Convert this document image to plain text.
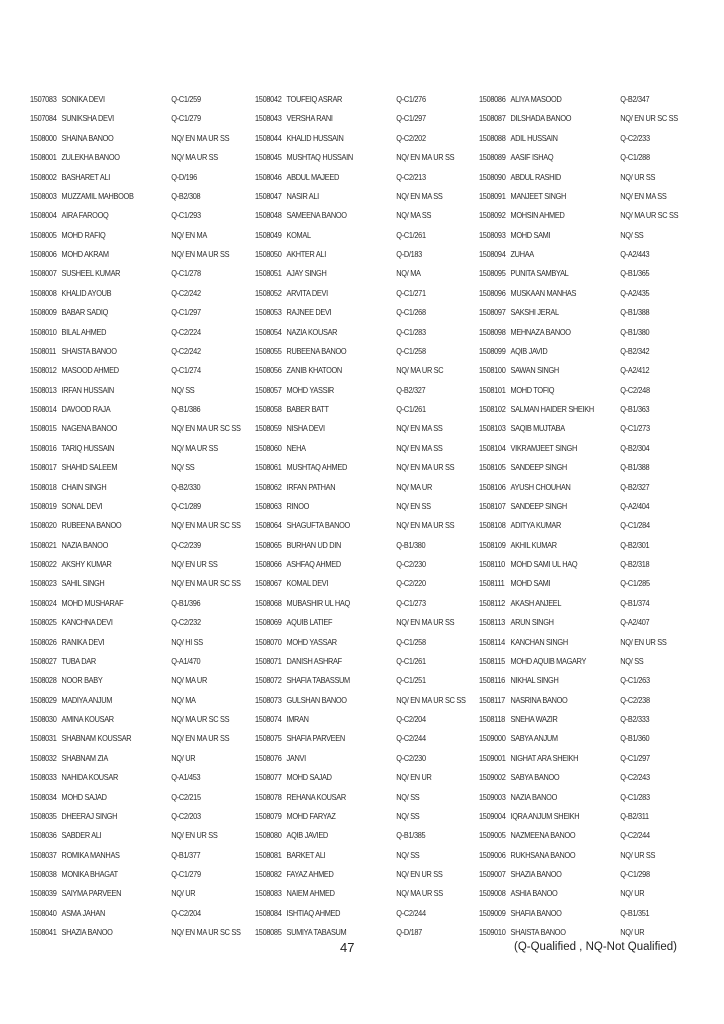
1507083 SONIKA DEVI	Q-C1/259
1507084 SUNIKSHA DEVI	Q-C1/279
1508000 SHAINA BANOO	NQ/ EN MA UR SS
1508001 ZULEKHA BANOO	NQ/ MA UR SS
1508002 BASHARET ALI	Q-D/196
1508003 MUZZAMIL MAHBOOB	Q-B2/308
1508004 AIRA FAROOQ	Q-C1/293
1508005 MOHD RAFIQ	NQ/ EN MA
1508006 MOHD AKRAM	NQ/ EN MA UR SS
1508007 SUSHEEL KUMAR	Q-C1/278
1508008 KHALID AYOUB	Q-C2/242
1508009 BABAR SADIQ	Q-C1/297
1508010 BILAL AHMED	Q-C2/224
1508011 SHAISTA BANOO	Q-C2/242
1508012 MASOOD AHMED	Q-C1/274
1508013 IRFAN HUSSAIN	NQ/ SS
1508014 DAVOOD RAJA	Q-B1/386
1508015 NAGENA BANOO	NQ/ EN MA UR SC SS
1508016 TARIQ HUSSAIN	NQ/ MA UR SS
1508017 SHAHID SALEEM	NQ/ SS
1508018 CHAIN SINGH	Q-B2/330
1508019 SONAL DEVI	Q-C1/289
1508020 RUBEENA BANOO	NQ/ EN MA UR SC SS
1508021 NAZIA BANOO	Q-C2/239
1508022 AKSHY KUMAR	NQ/ EN UR SS
1508023 SAHIL SINGH	NQ/ EN MA UR SC SS
1508024 MOHD MUSHARAF	Q-B1/396
1508025 KANCHNA DEVI	Q-C2/232
1508026 RANIKA DEVI	NQ/ HI SS
1508027 TUBA DAR	Q-A1/470
1508028 NOOR BABY	NQ/ MA UR
1508029 MADIYA ANJUM	NQ/ MA
1508030 AMINA KOUSAR	NQ/ MA UR SC SS
1508031 SHABNAM KOUSSAR	NQ/ EN MA UR SS
1508032 SHABNAM ZIA	NQ/ UR
1508033 NAHIDA KOUSAR	Q-A1/453
1508034 MOHD SAJAD	Q-C2/215
1508035 DHEERAJ SINGH	Q-C2/203
1508036 SABDER ALI	NQ/ EN UR SS
1508037 ROMIKA MANHAS	Q-B1/377
1508038 MONIKA BHAGAT	Q-C1/279
1508039 SAIYMA PARVEEN	NQ/ UR
1508040 ASMA JAHAN	Q-C2/204
1508041 SHAZIA BANOO	NQ/ EN MA UR SC SS
1508042 TOUFEIQ ASRAR	Q-C1/276
1508043 VERSHA RANI	Q-C1/297
1508044 KHALID HUSSAIN	Q-C2/202
1508045 MUSHTAQ HUSSAIN	NQ/ EN MA UR SS
1508046 ABDUL MAJEED	Q-C2/213
1508047 NASIR ALI	NQ/ EN MA SS
1508048 SAMEENA BANOO	NQ/ MA SS
1508049 KOMAL	Q-C1/261
1508050 AKHTER ALI	Q-D/183
1508051 AJAY SINGH	NQ/ MA
1508052 ARVITA DEVI	Q-C1/271
1508053 RAJNEE DEVI	Q-C1/268
1508054 NAZIA KOUSAR	Q-C1/283
1508055 RUBEENA BANOO	Q-C1/258
1508056 ZANIB KHATOON	NQ/ MA UR SC
1508057 MOHD YASSIR	Q-B2/327
1508058 BABER BATT	Q-C1/261
1508059 NISHA DEVI	NQ/ EN MA SS
1508060 NEHA	NQ/ EN MA SS
1508061 MUSHTAQ AHMED	NQ/ EN MA UR SS
1508062 IRFAN PATHAN	NQ/ MA UR
1508063 RINOO	NQ/ EN SS
1508064 SHAGUFTA BANOO	NQ/ EN MA UR SS
1508065 BURHAN UD DIN	Q-B1/380
1508066 ASHFAQ AHMED	Q-C2/230
1508067 KOMAL DEVI	Q-C2/220
1508068 MUBASHIR UL HAQ	Q-C1/273
1508069 AQUIB LATIEF	NQ/ EN MA UR SS
1508070 MOHD YASSAR	Q-C1/258
1508071 DANISH ASHRAF	Q-C1/261
1508072 SHAFIA TABASSUM	Q-C1/251
1508073 GULSHAN BANOO	NQ/ EN MA UR SC SS
1508074 IMRAN	Q-C2/204
1508075 SHAFIA PARVEEN	Q-C2/244
1508076 JANVI	Q-C2/230
1508077 MOHD SAJAD	NQ/ EN UR
1508078 REHANA KOUSAR	NQ/ SS
1508079 MOHD FARYAZ	NQ/ SS
1508080 AQIB JAVIED	Q-B1/385
1508081 BARKET ALI	NQ/ SS
1508082 FAYAZ AHMED	NQ/ EN UR SS
1508083 NAIEM AHMED	NQ/ MA UR SS
1508084 ISHTIAQ AHMED	Q-C2/244
1508085 SUMIYA TABASUM	Q-D/187
1508086 ALIYA MASOOD	Q-B2/347
1508087 DILSHADA BANOO	NQ/ EN UR SC SS
1508088 ADIL HUSSAIN	Q-C2/233
1508089 AASIF ISHAQ	Q-C1/288
1508090 ABDUL RASHID	NQ/ UR SS
1508091 MANJEET SINGH	NQ/ EN MA SS
1508092 MOHSIN AHMED	NQ/ MA UR SC SS
1508093 MOHD SAMI	NQ/ SS
1508094 ZUHAA	Q-A2/443
1508095 PUNITA SAMBYAL	Q-B1/365
1508096 MUSKAAN MANHAS	Q-A2/435
1508097 SAKSHI JERAL	Q-B1/388
1508098 MEHNAZA BANOO	Q-B1/380
1508099 AQIB JAVID	Q-B2/342
1508100 SAWAN SINGH	Q-A2/412
1508101 MOHD TOFIQ	Q-C2/248
1508102 SALMAN HAIDER SHEIKH	Q-B1/363
1508103 SAQIB MUJTABA	Q-C1/273
1508104 VIKRAMJEET SINGH	Q-B2/304
1508105 SANDEEP SINGH	Q-B1/388
1508106 AYUSH CHOUHAN	Q-B2/327
1508107 SANDEEP SINGH	Q-A2/404
1508108 ADITYA KUMAR	Q-C1/284
1508109 AKHIL KUMAR	Q-B2/301
1508110 MOHD SAMI UL HAQ	Q-B2/318
1508111 MOHD SAMI	Q-C1/285
1508112 AKASH ANJEEL	Q-B1/374
1508113 ARUN SINGH	Q-A2/407
1508114 KANCHAN SINGH	NQ/ EN UR SS
1508115 MOHD AQUIB MAGARY	NQ/ SS
1508116 NIKHAL SINGH	Q-C1/263
1508117 NASRINA BANOO	Q-C2/238
1508118 SNEHA WAZIR	Q-B2/333
1509000 SABYA ANJUM	Q-B1/360
1509001 NIGHAT ARA SHEIKH	Q-C1/297
1509002 SABYA BANOO	Q-C2/243
1509003 NAZIA BANOO	Q-C1/283
1509004 IQRA ANJUM SHEIKH	Q-B2/311
1509005 NAZMEENA BANOO	Q-C2/244
1509006 RUKHSANA BANOO	NQ/ UR SS
1509007 SHAZIA BANOO	Q-C1/298
1509008 ASHIA BANOO	NQ/ UR
1509009 SHAFIA BANOO	Q-B1/351
1509010 SHAISTA BANOO	NQ/ UR
47	(Q-Qualified , NQ-Not Qualified)
